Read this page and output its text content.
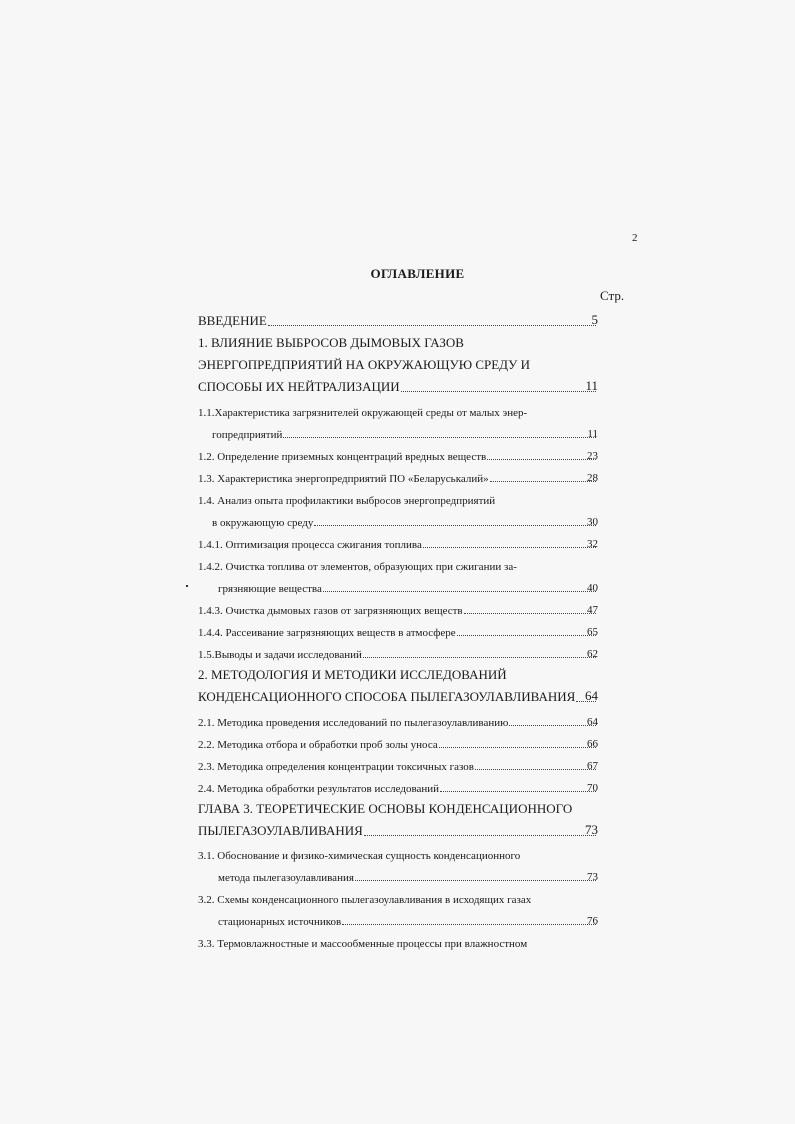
2
ОГЛАВЛЕНИЕ
Стр.
ВВЕДЕНИЕ	5
1. ВЛИЯНИЕ ВЫБРОСОВ ДЫМОВЫХ ГАЗОВ
ЭНЕРГОПРЕДПРИЯТИЙ НА ОКРУЖАЮЩУЮ СРЕДУ И
СПОСОБЫ ИХ НЕЙТРАЛИЗАЦИИ	11
1.1.Характеристика загрязнителей окружающей среды от малых энер-
гопредприятий	11
1.2. Определение приземных концентраций вредных веществ	23
1.3. Характеристика энергопредприятий ПО «Беларуськалий»	28
1.4. Анализ опыта профилактики выбросов энергопредприятий
в окружающую среду	30
1.4.1. Оптимизация процесса сжигания топлива	32
1.4.2. Очистка топлива от элементов, образующих при сжигании за-
грязняющие вещества	40
1.4.3. Очистка дымовых газов от загрязняющих веществ	47
1.4.4. Рассеивание загрязняющих веществ в атмосфере	65
1.5.Выводы и задачи исследований	62
2. МЕТОДОЛОГИЯ И МЕТОДИКИ ИССЛЕДОВАНИЙ
КОНДЕНСАЦИОННОГО СПОСОБА ПЫЛЕГАЗОУЛАВЛИВАНИЯ 64
2.1. Методика проведения исследований по пылегазоулавливанию	64
2.2. Методика отбора и обработки проб золы уноса	66
2.3. Методика определения концентрации токсичных газов	67
2.4. Методика обработки результатов исследований	70
ГЛАВА 3. ТЕОРЕТИЧЕСКИЕ ОСНОВЫ КОНДЕНСАЦИОННОГО
ПЫЛЕГАЗОУЛАВЛИВАНИЯ	73
3.1. Обоснование и физико-химическая сущность конденсационного
метода пылегазоулавливания	73
3.2. Схемы конденсационного пылегазоулавливания в исходящих газах
стационарных источников	76
3.3. Термовлажностные и массообменные процессы при влажностном
